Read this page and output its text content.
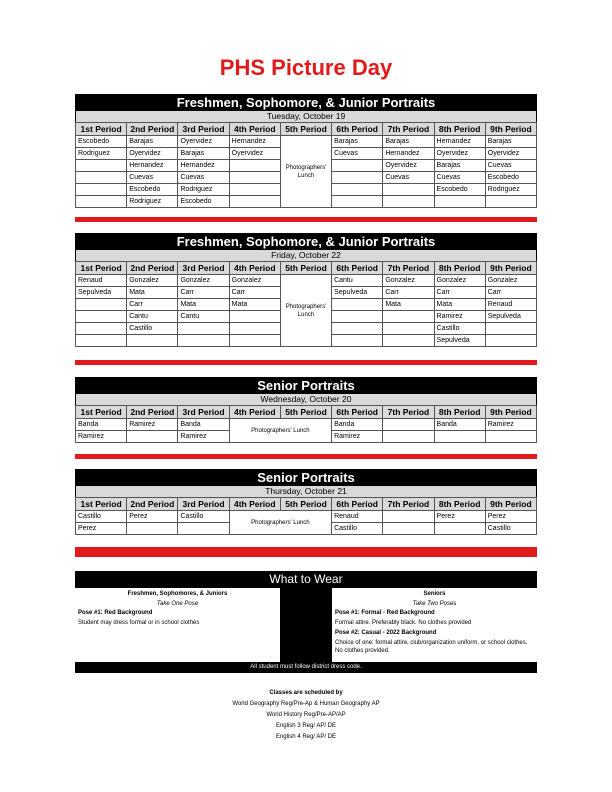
PHS Picture Day
Freshmen, Sophomore, & Junior Portraits
Tuesday, October 19
1st Period	2nd Period	3rd Period	4th Period	5th Period	6th Period	7th Period	8th Period	9th Period
Escobedo	Barajas	Oyervidez	Hernandez	Photographers' Lunch	Barajas	Barajas	Hernandez	Barajas
Rodriguez	Oyervidez	Barajas	Oyervidez		Cuevas	Hernandez	Oyervidez	Oyervidez
	Hernandez	Hernandez				Oyervidez	Barajas	Cuevas
	Cuevas	Cuevas				Cuevas	Cuevas	Escobedo
	Escobedo	Rodriguez					Escobedo	Rodriguez
	Rodriguez	Escobedo						
Freshmen, Sophomore, & Junior Portraits
Friday, October 22
1st Period	2nd Period	3rd Period	4th Period	5th Period	6th Period	7th Period	8th Period	9th Period
Renaud	Gonzalez	Gonzalez	Gonzalez	Photographers' Lunch	Cantu	Gonzalez	Gonzalez	Gonzalez
Sepulveda	Mata	Carr	Carr		Sepulveda	Carr	Carr	Carr
	Carr	Mata	Mata			Mata	Mata	Renaud
	Cantu	Cantu					Ramirez	Sepulveda
	Castillo						Castillo	
							Sepulveda	
Senior Portraits
Wednesday, October 20
1st Period	2nd Period	3rd Period	4th Period	5th Period	6th Period	7th Period	8th Period	9th Period
Banda	Ramirez	Banda	Photographers' Lunch		Banda		Banda	Ramirez
Ramirez		Ramirez			Ramirez			
Senior Portraits
Thursday, October 21
1st Period	2nd Period	3rd Period	4th Period	5th Period	6th Period	7th Period	8th Period	9th Period
Castillo	Perez	Castillo	Photographers' Lunch		Renaud		Perez	Perez
Perez					Castillo			Castillo
What to Wear
Freshmen, Sophomores, & Juniors
Take One Pose
Pose #1: Red Background
Student may dress formal or in school clothes
Seniors
Take Two Poses
Pose #1: Formal - Red Background
Formal attire. Preferably black. No clothes provided
Pose #2: Casual - 2022 Background
Choice of one: formal attire, club/organization uniform, or school clothes. No clothes provided.
All student must follow district dress code.
Classes are scheduled by
World Geography Reg/Pre-Ap & Human Geography AP
World History Reg/Pre-AP/AP
English 3 Reg/ AP/ DE
English 4 Reg/ AP/ DE
